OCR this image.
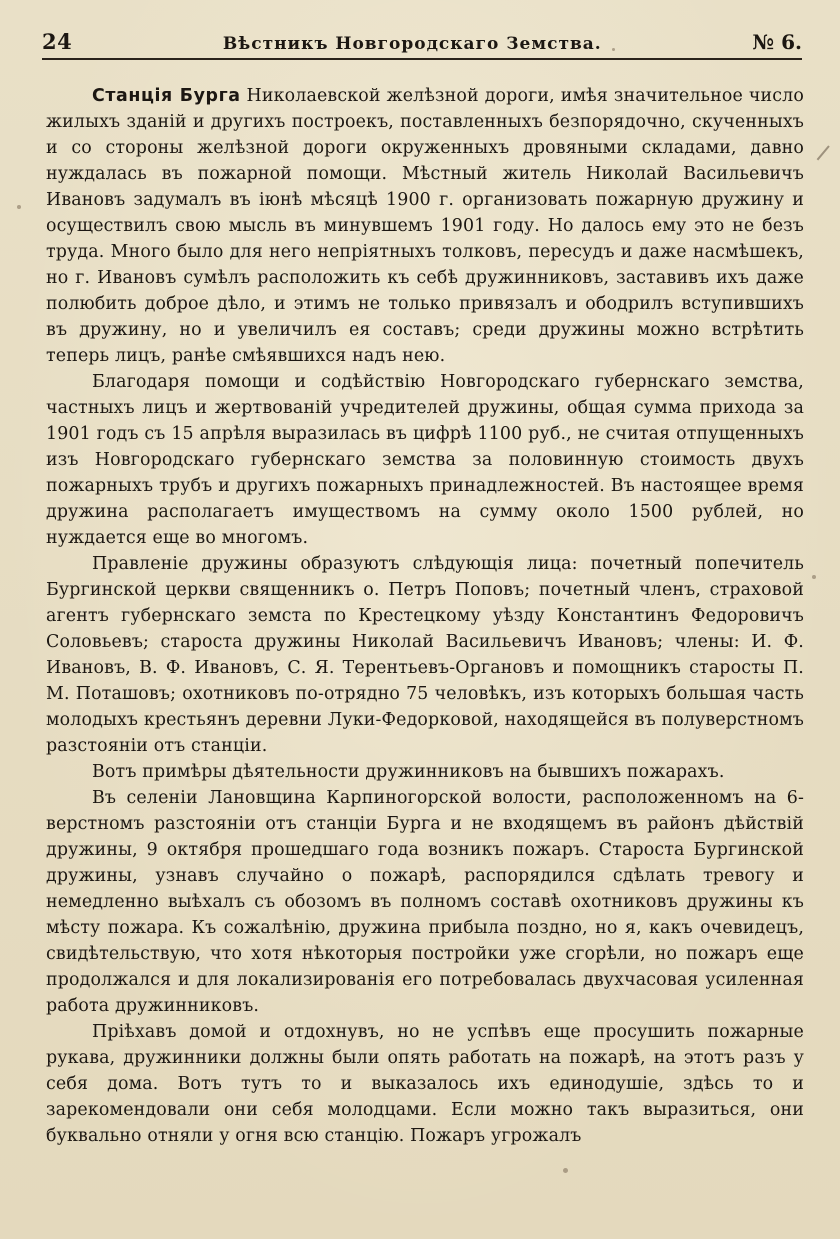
24	Вѣстникъ Новгородскаго Земства.	№ 6.

Станція Бурга Николаевской желѣзной дороги, имѣя значительное число жилыхъ зданій и другихъ построекъ, поставленныхъ безпорядочно, скученныхъ и со стороны желѣзной дороги окруженныхъ дровяными складами, давно нуждалась въ пожарной помощи. Мѣстный житель Николай Васильевичъ Ивановъ задумалъ въ іюнѣ мѣсяцѣ 1900 г. организовать пожарную дружину и осуществилъ свою мысль въ минувшемъ 1901 году. Но далось ему это не безъ труда. Много было для него непріятныхъ толковъ, пересудъ и даже насмѣшекъ, но г. Ивановъ сумѣлъ расположить къ себѣ дружинниковъ, заставивъ ихъ даже полюбить доброе дѣло, и этимъ не только привязалъ и ободрилъ вступившихъ въ дружину, но и увеличилъ ея составъ; среди дружины можно встрѣтить теперь лицъ, ранѣе смѣявшихся надъ нею.

Благодаря помощи и содѣйствію Новгородскаго губернскаго земства, частныхъ лицъ и жертвованій учредителей дружины, общая сумма прихода за 1901 годъ съ 15 апрѣля выразилась въ цифрѣ 1100 руб., не считая отпущенныхъ изъ Новгородскаго губернскаго земства за половинную стоимость двухъ пожарныхъ трубъ и другихъ пожарныхъ принадлежностей. Въ настоящее время дружина располагаетъ имуществомъ на сумму около 1500 рублей, но нуждается еще во многомъ.

Правленіе дружины образуютъ слѣдующія лица: почетный попечитель Бургинской церкви священникъ о. Петръ Поповъ; почетный членъ, страховой агентъ губернскаго земста по Крестецкому уѣзду Константинъ Федоровичъ Соловьевъ; староста дружины Николай Васильевичъ Ивановъ; члены: И. Ф. Ивановъ, В. Ф. Ивановъ, С. Я. Терентьевъ-Органовъ и помощникъ старосты П. М. Поташовъ; охотниковъ по-отрядно 75 человѣкъ, изъ которыхъ большая часть молодыхъ крестьянъ деревни Луки-Федорковой, находящейся въ полуверстномъ разстояніи отъ станціи.

Вотъ примѣры дѣятельности дружинниковъ на бывшихъ пожарахъ.

Въ селеніи Лановщина Карпиногорской волости, расположенномъ на 6-верстномъ разстояніи отъ станціи Бурга и не входящемъ въ районъ дѣйствій дружины, 9 октября прошедшаго года возникъ пожаръ. Староста Бургинской дружины, узнавъ случайно о пожарѣ, распорядился сдѣлать тревогу и немедленно выѣхалъ съ обозомъ въ полномъ составѣ охотниковъ дружины къ мѣсту пожара. Къ сожалѣнію, дружина прибыла поздно, но я, какъ очевидецъ, свидѣтельствую, что хотя нѣкоторыя постройки уже сгорѣли, но пожаръ еще продолжался и для локализированія его потребовалась двухчасовая усиленная работа дружинниковъ.

Пріѣхавъ домой и отдохнувъ, но не успѣвъ еще просушить пожарные рукава, дружинники должны были опять работать на пожарѣ, на этотъ разъ у себя дома. Вотъ тутъ то и выказалось ихъ единодушіе, здѣсь то и зарекомендовали они себя молодцами. Если можно такъ выразиться, они буквально отняли у огня всю станцію. Пожаръ угрожалъ
